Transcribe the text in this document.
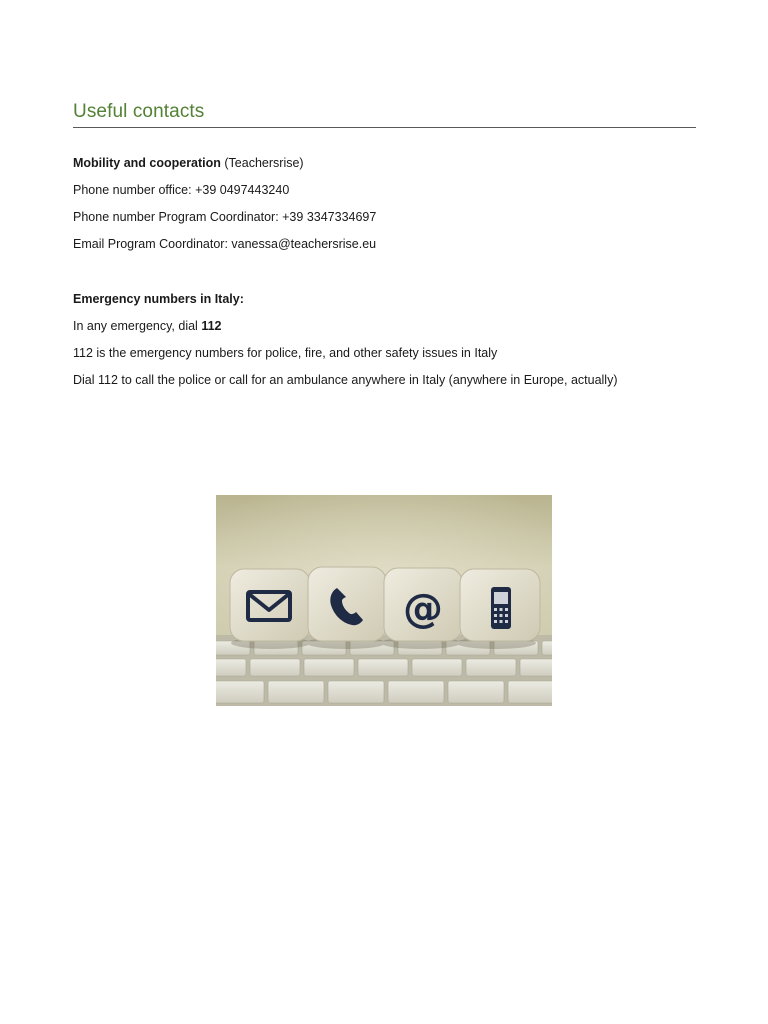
Useful contacts

Mobility and cooperation (Teachersrise)

Phone number office: +39 0497443240

Phone number Program Coordinator: +39 3347334697

Email Program Coordinator: vanessa@teachersrise.eu

Emergency numbers in Italy:

In any emergency, dial 112

112 is the emergency numbers for police, fire, and other safety issues in Italy

Dial 112 to call the police or call for an ambulance anywhere in Italy (anywhere in Europe, actually)

@
